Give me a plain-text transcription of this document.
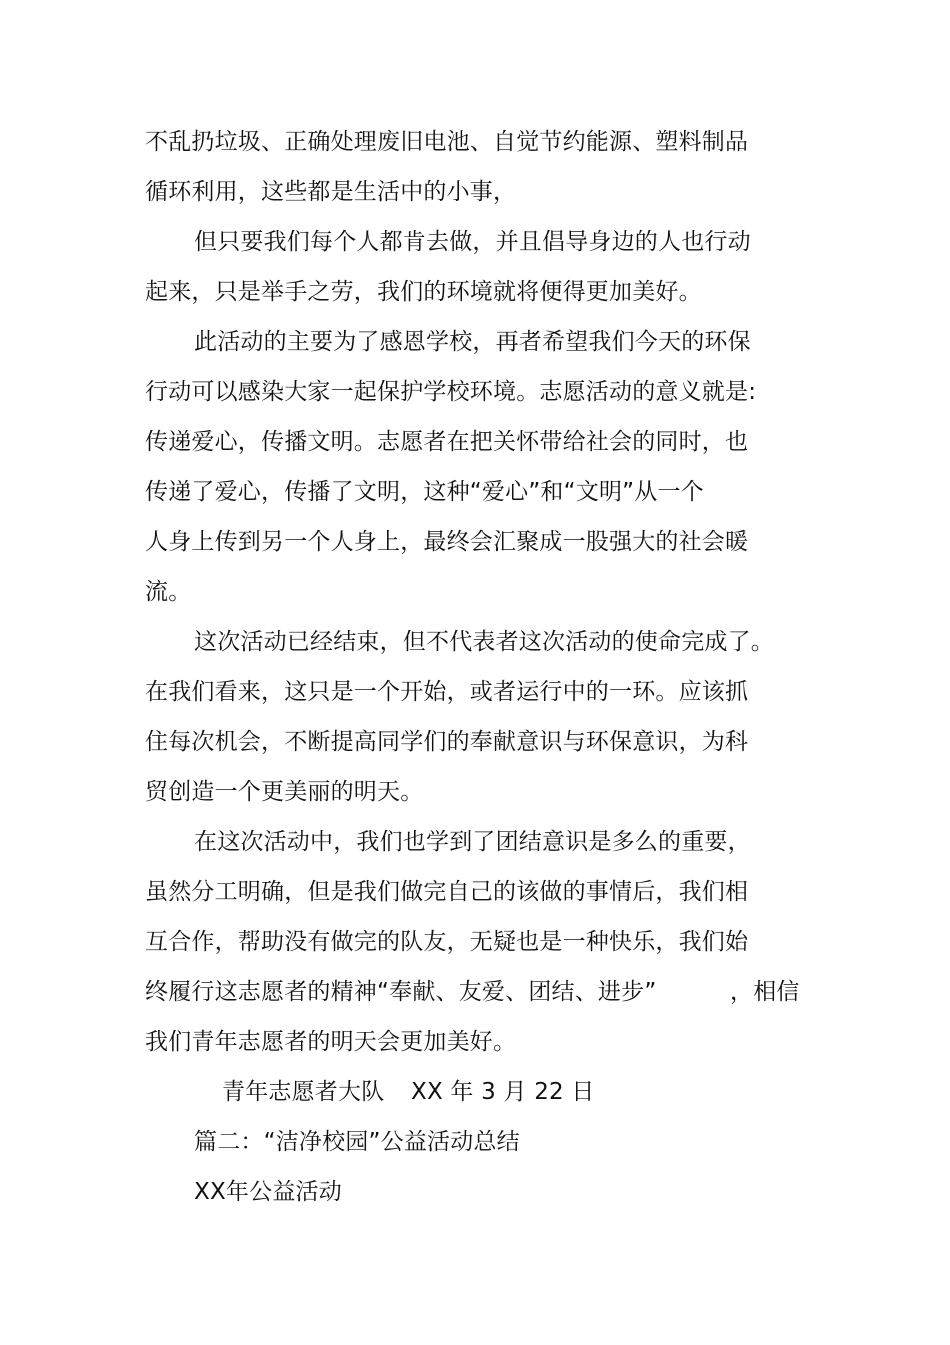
不乱扔垃圾、正确处理废旧电池、自觉节约能源、塑料制品
循环利用，这些都是生活中的小事，
但只要我们每个人都肯去做，并且倡导身边的人也行动
起来，只是举手之劳，我们的环境就将便得更加美好。
此活动的主要为了感恩学校，再者希望我们今天的环保
行动可以感染大家一起保护学校环境。志愿活动的意义就是:
传递爱心，传播文明。志愿者在把关怀带给社会的同时，也
传递了爱心，传播了文明，这种“爱心”和“文明”从一个
人身上传到另一个人身上，最终会汇聚成一股强大的社会暖
流。
这次活动已经结束，但不代表者这次活动的使命完成了。
在我们看来，这只是一个开始，或者运行中的一环。应该抓
住每次机会，不断提高同学们的奉献意识与环保意识，为科
贸创造一个更美丽的明天。
在这次活动中，我们也学到了团结意识是多么的重要，
虽然分工明确，但是我们做完自己的该做的事情后，我们相
互合作，帮助没有做完的队友，无疑也是一种快乐，我们始
终履行这志愿者的精神“奉献、友爱、团结、进步”	，相信
我们青年志愿者的明天会更加美好。
青年志愿者大队 XX 年 3 月 22 日
篇二：“洁净校园”公益活动总结
XX年公益活动
